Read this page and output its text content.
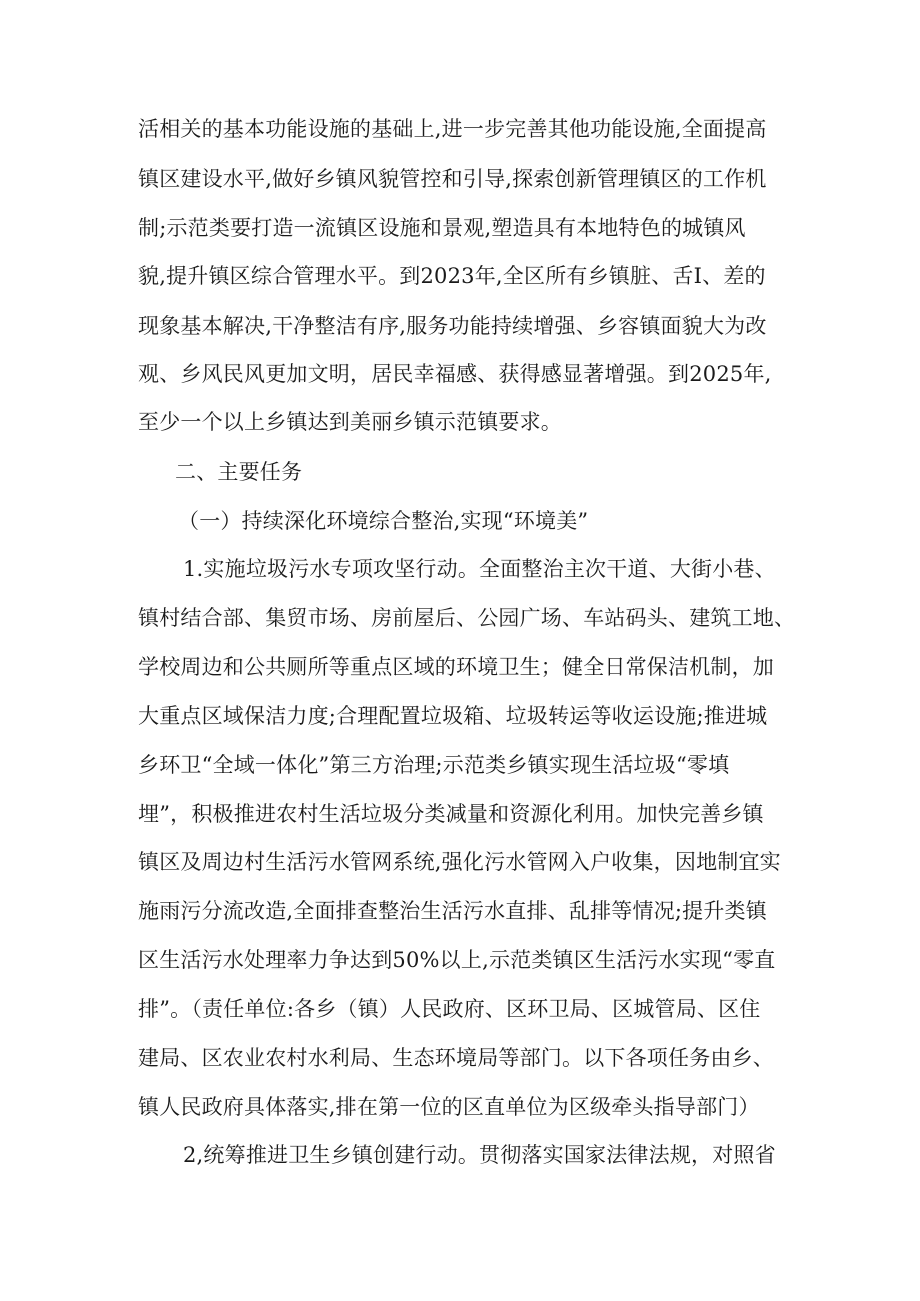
活相关的基本功能设施的基础上,进一步完善其他功能设施,全面提高
镇区建设水平,做好乡镇风貌管控和引导,探索创新管理镇区的工作机
制;示范类要打造一流镇区设施和景观,塑造具有本地特色的城镇风
貌,提升镇区综合管理水平。到2023年,全区所有乡镇脏、舌I、差的
现象基本解决,干净整洁有序,服务功能持续增强、乡容镇面貌大为改
观、乡风民风更加文明，居民幸福感、获得感显著增强。到2025年,
至少一个以上乡镇达到美丽乡镇示范镇要求。
二、主要任务
（一）持续深化环境综合整治,实现“环境美”
1.实施垃圾污水专项攻坚行动。全面整治主次干道、大街小巷、
镇村结合部、集贸市场、房前屋后、公园广场、车站码头、建筑工地、
学校周边和公共厕所等重点区域的环境卫生；健全日常保洁机制，加
大重点区域保洁力度;合理配置垃圾箱、垃圾转运等收运设施;推进城
乡环卫“全域一体化”第三方治理;示范类乡镇实现生活垃圾“零填
埋”，积极推进农村生活垃圾分类减量和资源化利用。加快完善乡镇
镇区及周边村生活污水管网系统,强化污水管网入户收集，因地制宜实
施雨污分流改造,全面排查整治生活污水直排、乱排等情况;提升类镇
区生活污水处理率力争达到50%以上,示范类镇区生活污水实现“零直
排”。（责任单位:各乡（镇）人民政府、区环卫局、区城管局、区住
建局、区农业农村水利局、生态环境局等部门。以下各项任务由乡、
镇人民政府具体落实,排在第一位的区直单位为区级牵头指导部门）
2,统筹推进卫生乡镇创建行动。贯彻落实国家法律法规，对照省
